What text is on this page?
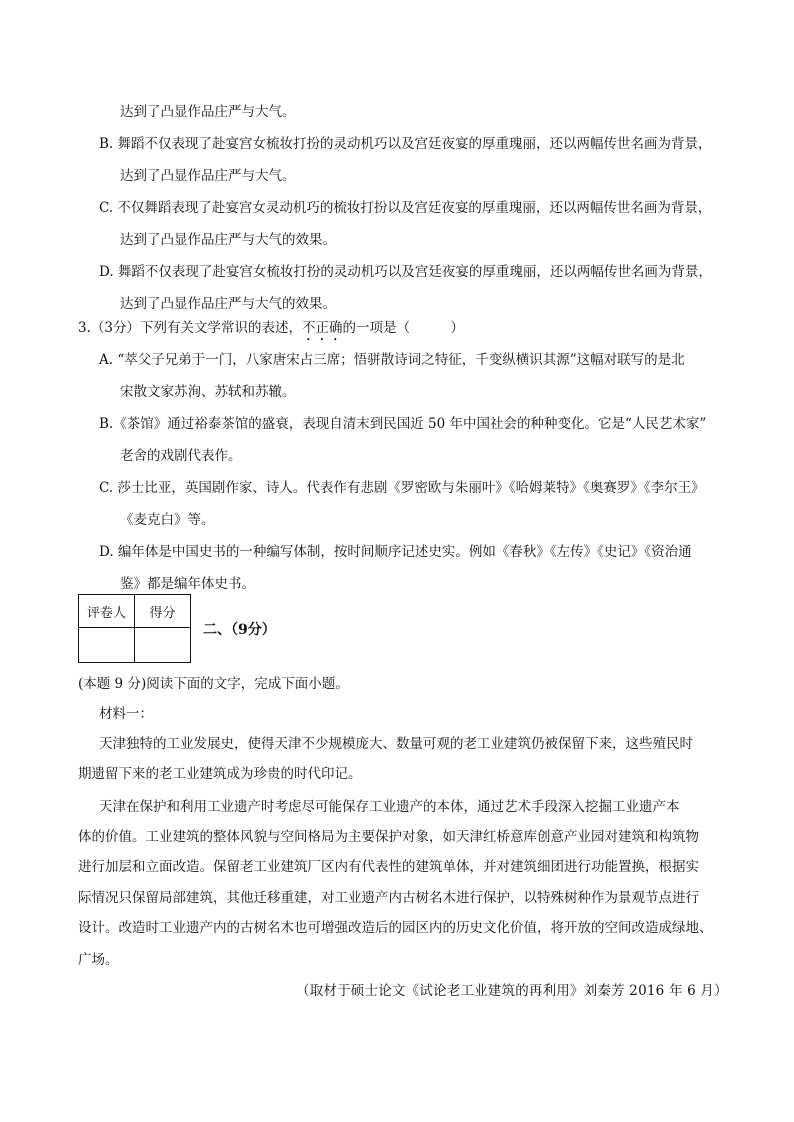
达到了凸显作品庄严与大气。
B. 舞蹈不仅表现了赴宴宫女梳妆打扮的灵动机巧以及宫廷夜宴的厚重瑰丽，还以两幅传世名画为背景，
达到了凸显作品庄严与大气。
C. 不仅舞蹈表现了赴宴宫女灵动机巧的梳妆打扮以及宫廷夜宴的厚重瑰丽，还以两幅传世名画为背景，
达到了凸显作品庄严与大气的效果。
D. 舞蹈不仅表现了赴宴宫女梳妆打扮的灵动机巧以及宫廷夜宴的厚重瑰丽，还以两幅传世名画为背景，
达到了凸显作品庄严与大气的效果。
3.（3分）下列有关文学常识的表述，不正确的一项是（　　　）
A. “萃父子兄弟于一门，八家唐宋占三席；悟骈散诗词之特征，千变纵横识其源”这幅对联写的是北
宋散文家苏洵、苏轼和苏辙。
B.《茶馆》通过裕泰茶馆的盛衰，表现自清末到民国近 50 年中国社会的种种变化。它是“人民艺术家”
老舍的戏剧代表作。
C. 莎士比亚，英国剧作家、诗人。代表作有悲剧《罗密欧与朱丽叶》《哈姆莱特》《奥赛罗》《李尔王》
《麦克白》等。
D. 编年体是中国史书的一种编写体制，按时间顺序记述史实。例如《春秋》《左传》《史记》《资治通
鉴》都是编年体史书。
评卷人	得分

二、（9分）
(本题 9 分)阅读下面的文字，完成下面小题。
材料一：
天津独特的工业发展史，使得天津不少规模庞大、数量可观的老工业建筑仍被保留下来，这些殖民时
期遗留下来的老工业建筑成为珍贵的时代印记。
天津在保护和利用工业遗产时考虑尽可能保存工业遗产的本体，通过艺术手段深入挖掘工业遗产本
体的价值。工业建筑的整体风貌与空间格局为主要保护对象，如天津红桥意库创意产业园对建筑和构筑物
进行加层和立面改造。保留老工业建筑厂区内有代表性的建筑单体，并对建筑细团进行功能置换，根据实
际情况只保留局部建筑，其他迁移重建，对工业遗产内古树名木进行保护，以特殊树种作为景观节点进行
设计。改造时工业遗产内的古树名木也可增强改造后的园区内的历史文化价值，将开放的空间改造成绿地、
广场。
（取材于硕士论文《试论老工业建筑的再利用》刘秦芳 2016 年 6 月）
